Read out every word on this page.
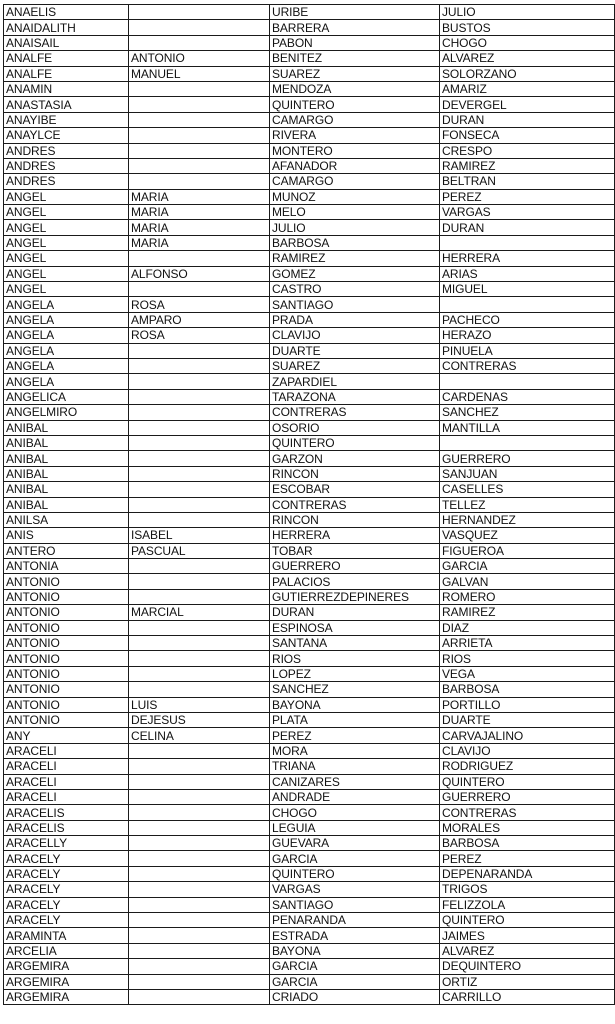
ANAELIS		URIBE	JULIO
ANAIDALITH		BARRERA	BUSTOS
ANAISAIL		PABON	CHOGO
ANALFE	ANTONIO	BENITEZ	ALVAREZ
ANALFE	MANUEL	SUAREZ	SOLORZANO
ANAMIN		MENDOZA	AMARIZ
ANASTASIA		QUINTERO	DEVERGEL
ANAYIBE		CAMARGO	DURAN
ANAYLCE		RIVERA	FONSECA
ANDRES		MONTERO	CRESPO
ANDRES		AFANADOR	RAMIREZ
ANDRES		CAMARGO	BELTRAN
ANGEL	MARIA	MUNOZ	PEREZ
ANGEL	MARIA	MELO	VARGAS
ANGEL	MARIA	JULIO	DURAN
ANGEL	MARIA	BARBOSA	
ANGEL		RAMIREZ	HERRERA
ANGEL	ALFONSO	GOMEZ	ARIAS
ANGEL		CASTRO	MIGUEL
ANGELA	ROSA	SANTIAGO	
ANGELA	AMPARO	PRADA	PACHECO
ANGELA	ROSA	CLAVIJO	HERAZO
ANGELA		DUARTE	PINUELA
ANGELA		SUAREZ	CONTRERAS
ANGELA		ZAPARDIEL	
ANGELICA		TARAZONA	CARDENAS
ANGELMIRO		CONTRERAS	SANCHEZ
ANIBAL		OSORIO	MANTILLA
ANIBAL		QUINTERO	
ANIBAL		GARZON	GUERRERO
ANIBAL		RINCON	SANJUAN
ANIBAL		ESCOBAR	CASELLES
ANIBAL		CONTRERAS	TELLEZ
ANILSA		RINCON	HERNANDEZ
ANIS	ISABEL	HERRERA	VASQUEZ
ANTERO	PASCUAL	TOBAR	FIGUEROA
ANTONIA		GUERRERO	GARCIA
ANTONIO		PALACIOS	GALVAN
ANTONIO		GUTIERREZDEPINERES	ROMERO
ANTONIO	MARCIAL	DURAN	RAMIREZ
ANTONIO		ESPINOSA	DIAZ
ANTONIO		SANTANA	ARRIETA
ANTONIO		RIOS	RIOS
ANTONIO		LOPEZ	VEGA
ANTONIO		SANCHEZ	BARBOSA
ANTONIO	LUIS	BAYONA	PORTILLO
ANTONIO	DEJESUS	PLATA	DUARTE
ANY	CELINA	PEREZ	CARVAJALINO
ARACELI		MORA	CLAVIJO
ARACELI		TRIANA	RODRIGUEZ
ARACELI		CANIZARES	QUINTERO
ARACELI		ANDRADE	GUERRERO
ARACELIS		CHOGO	CONTRERAS
ARACELIS		LEGUIA	MORALES
ARACELLY		GUEVARA	BARBOSA
ARACELY		GARCIA	PEREZ
ARACELY		QUINTERO	DEPENARANDA
ARACELY		VARGAS	TRIGOS
ARACELY		SANTIAGO	FELIZZOLA
ARACELY		PENARANDA	QUINTERO
ARAMINTA		ESTRADA	JAIMES
ARCELIA		BAYONA	ALVAREZ
ARGEMIRA		GARCIA	DEQUINTERO
ARGEMIRA		GARCIA	ORTIZ
ARGEMIRA		CRIADO	CARRILLO
